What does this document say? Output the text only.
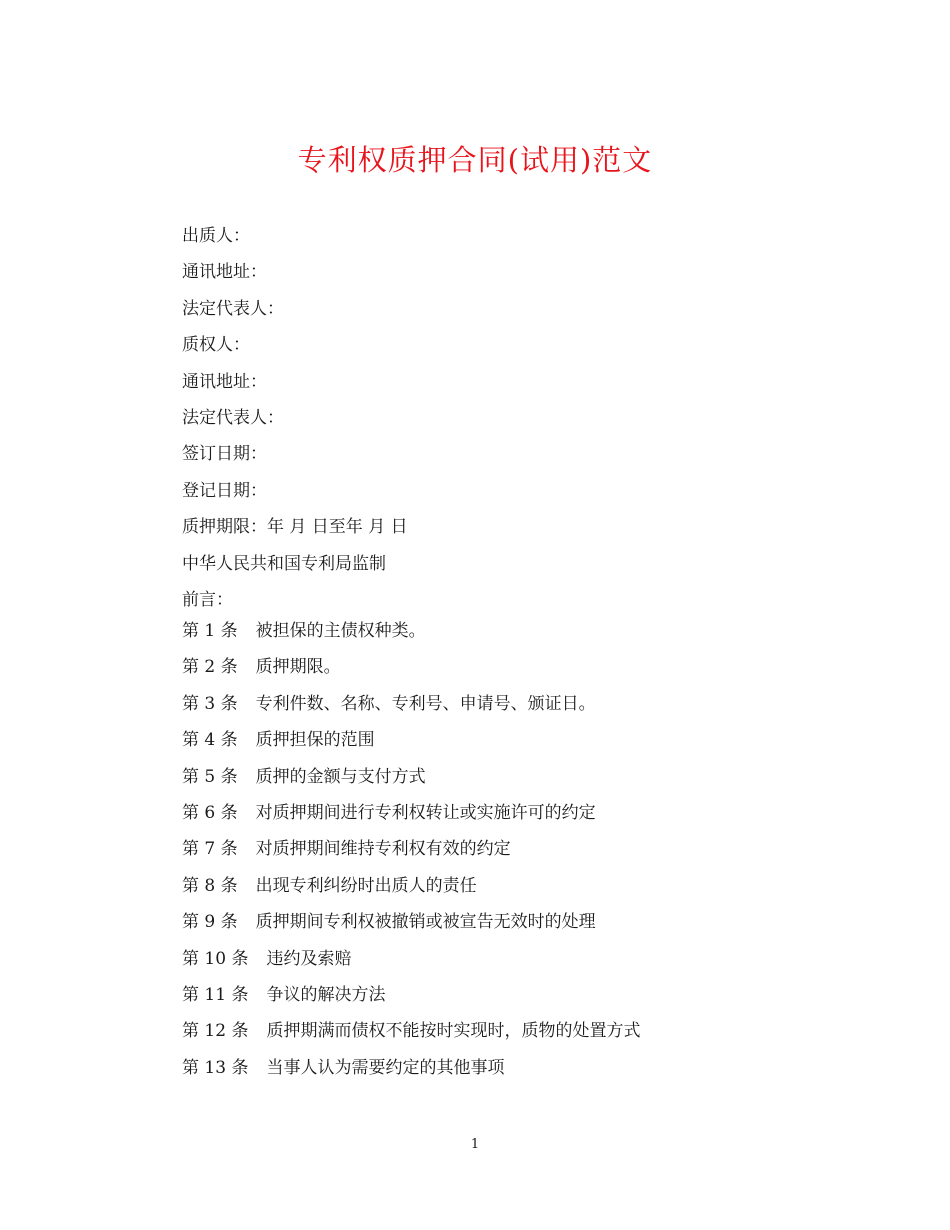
专利权质押合同(试用)范文
出质人：
通讯地址：
法定代表人：
质权人：
通讯地址：
法定代表人：
签订日期：
登记日期：
质押期限：年 月 日至年 月 日
中华人民共和国专利局监制
前言：
第 1 条 被担保的主债权种类。
第 2 条 质押期限。
第 3 条 专利件数、名称、专利号、申请号、颁证日。
第 4 条 质押担保的范围
第 5 条 质押的金额与支付方式
第 6 条 对质押期间进行专利权转让或实施许可的约定
第 7 条 对质押期间维持专利权有效的约定
第 8 条 出现专利纠纷时出质人的责任
第 9 条 质押期间专利权被撤销或被宣告无效时的处理
第 10 条 违约及索赔
第 11 条 争议的解决方法
第 12 条 质押期满而债权不能按时实现时，质物的处置方式
第 13 条 当事人认为需要约定的其他事项
1
